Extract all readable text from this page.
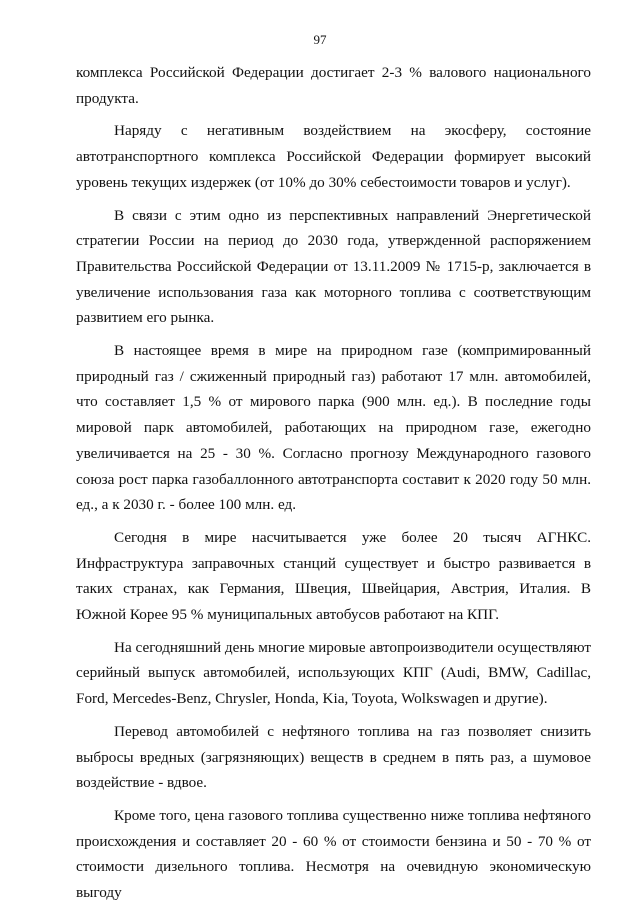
97

комплекса Российской Федерации достигает 2-3 % валового национального продукта.

Наряду с негативным воздействием на экосферу, состояние автотранспортного комплекса Российской Федерации формирует высокий уровень текущих издержек (от 10% до 30% себестоимости товаров и услуг).

В связи с этим одно из перспективных направлений Энергетической стратегии России на период до 2030 года, утвержденной распоряжением Правительства Российской Федерации от 13.11.2009 № 1715-р, заключается в увеличение использования газа как моторного топлива с соответствующим развитием его рынка.

В настоящее время в мире на природном газе (компримированный природный газ / сжиженный природный газ) работают 17 млн. автомобилей, что составляет 1,5 % от мирового парка (900 млн. ед.). В последние годы мировой парк автомобилей, работающих на природном газе, ежегодно увеличивается на 25 - 30 %. Согласно прогнозу Международного газового союза рост парка газобаллонного автотранспорта составит к 2020 году 50 млн. ед., а к 2030 г. - более 100 млн. ед.

Сегодня в мире насчитывается уже более 20 тысяч АГНКС. Инфраструктура заправочных станций существует и быстро развивается в таких странах, как Германия, Швеция, Швейцария, Австрия, Италия. В Южной Корее 95 % муниципальных автобусов работают на КПГ.

На сегодняшний день многие мировые автопроизводители осуществляют серийный выпуск автомобилей, использующих КПГ (Audi, BMW, Cadillac, Ford, Mercedes-Benz, Chrysler, Honda, Kia, Toyota, Wolkswagen и другие).

Перевод автомобилей с нефтяного топлива на газ позволяет снизить выбросы вредных (загрязняющих) веществ в среднем в пять раз, а шумовое воздействие - вдвое.

Кроме того, цена газового топлива существенно ниже топлива нефтяного происхождения и составляет 20 - 60 % от стоимости бензина и 50 - 70 % от стоимости дизельного топлива. Несмотря на очевидную экономическую выгоду
